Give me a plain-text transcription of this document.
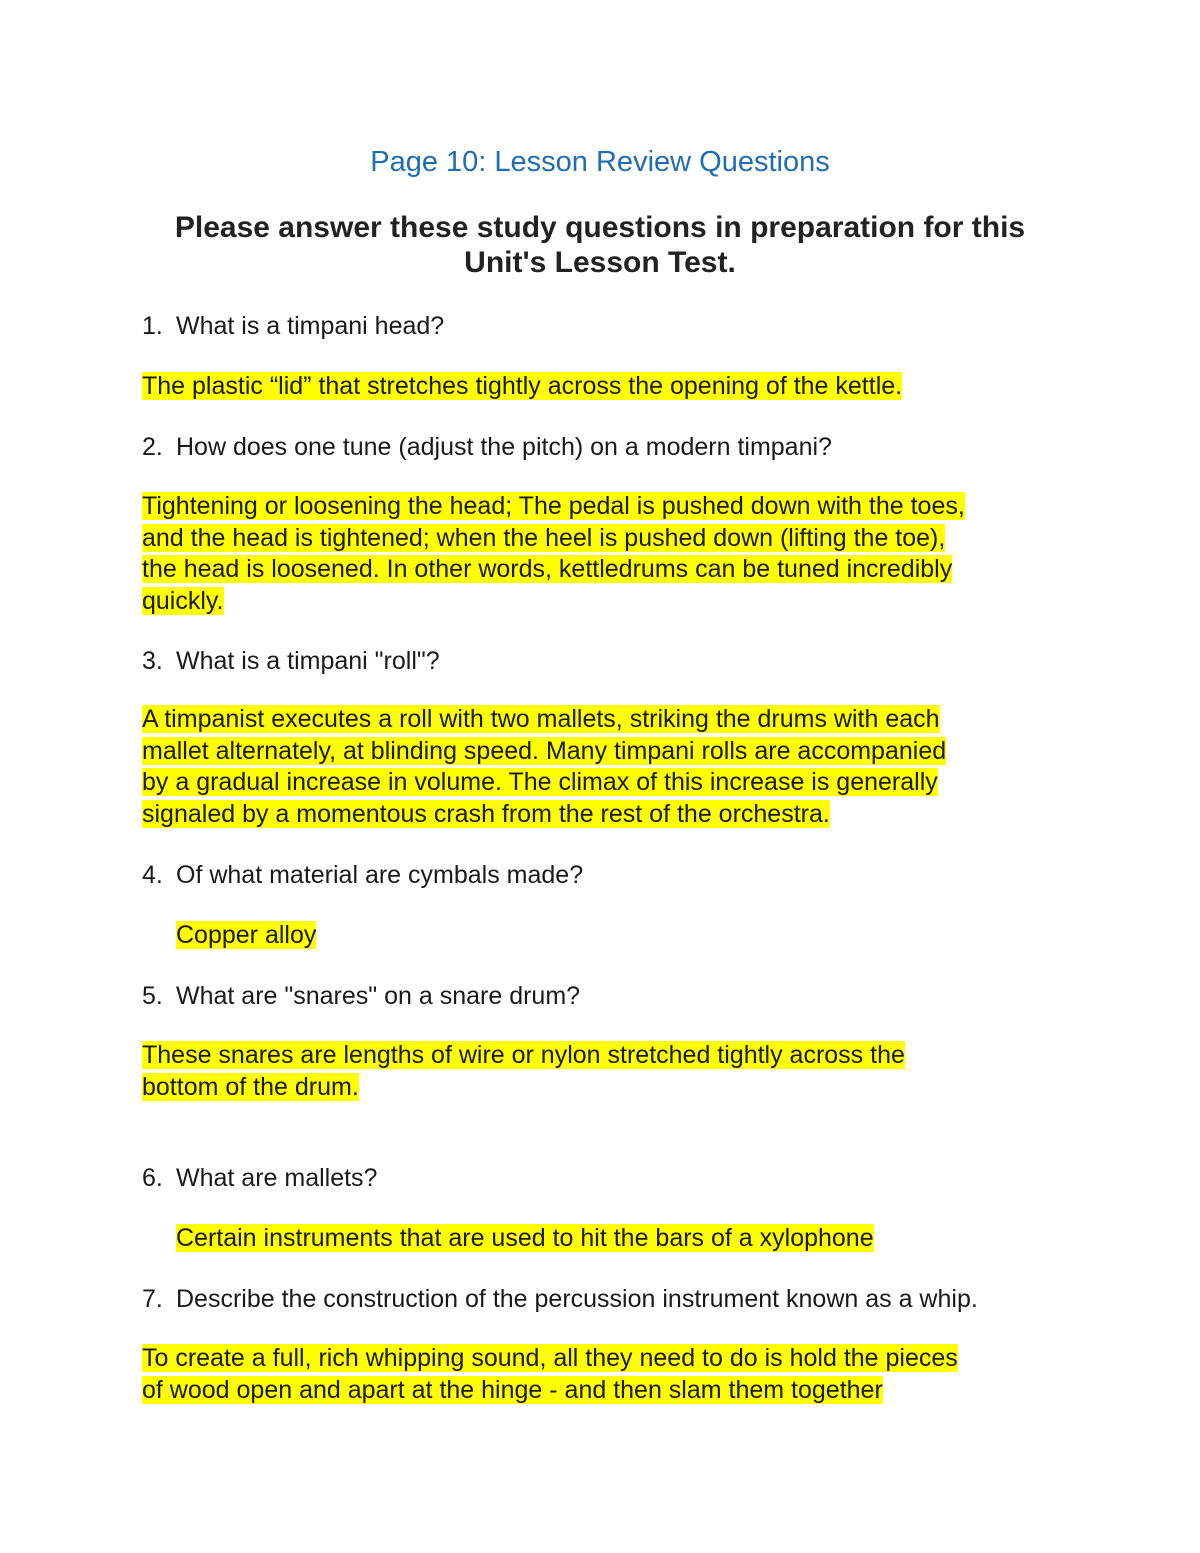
Page 10: Lesson Review Questions
Please answer these study questions in preparation for this
Unit's Lesson Test.
1. What is a timpani head?
The plastic “lid” that stretches tightly across the opening of the kettle.
2. How does one tune (adjust the pitch) on a modern timpani?
Tightening or loosening the head; The pedal is pushed down with the toes,
and the head is tightened; when the heel is pushed down (lifting the toe),
the head is loosened. In other words, kettledrums can be tuned incredibly
quickly.
3. What is a timpani "roll"?
A timpanist executes a roll with two mallets, striking the drums with each
mallet alternately, at blinding speed. Many timpani rolls are accompanied
by a gradual increase in volume. The climax of this increase is generally
signaled by a momentous crash from the rest of the orchestra.
4. Of what material are cymbals made?
Copper alloy
5. What are "snares" on a snare drum?
These snares are lengths of wire or nylon stretched tightly across the
bottom of the drum.
6. What are mallets?
Certain instruments that are used to hit the bars of a xylophone
7. Describe the construction of the percussion instrument known as a whip.
To create a full, rich whipping sound, all they need to do is hold the pieces
of wood open and apart at the hinge - and then slam them together
